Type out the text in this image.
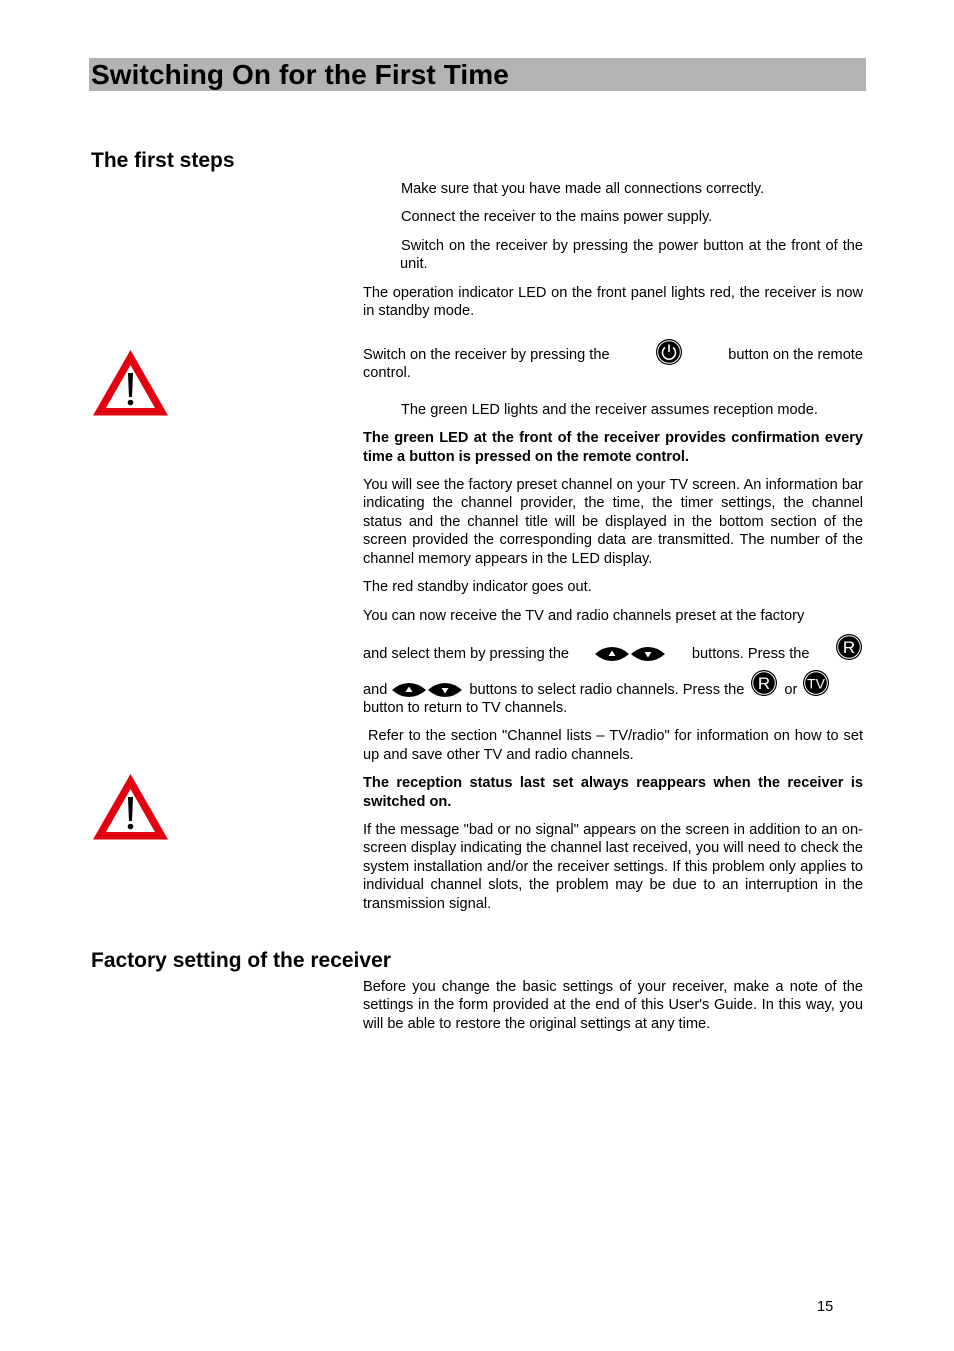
Switching On for the First Time
The first steps

Make sure that you have made all connections correctly.

Connect the receiver to the mains power supply.

Switch on the receiver by pressing the power button at the front of the unit.

The operation indicator LED on the front panel lights red, the receiver is now in standby mode.

Switch on the receiver by pressing the	button on the remote

control.

The green LED lights and the receiver assumes reception mode.

The green LED at the front of the receiver provides confirmation every time a button is pressed on the remote control.

You will see the factory preset channel on your TV screen. An information bar indicating the channel provider, the time, the timer settings, the channel status and the channel title will be displayed in the bottom section of the screen provided the corresponding data are transmitted. The number of the channel memory appears in the LED display.

The red standby indicator goes out.

You can now receive the TV and radio channels preset at the factory

and select them by pressing the	buttons. Press the R
and	buttons to select radio channels. Press the R or TV

button to return to TV channels.

Refer to the section "Channel lists – TV/radio" for information on how to set up and save other TV and radio channels.

The reception status last set always reappears when the receiver is switched on.

If the message "bad or no signal" appears on the screen in addition to an on-screen display indicating the channel last received, you will need to check the system installation and/or the receiver settings. If this problem only applies to individual channel slots, the problem may be due to an interruption in the transmission signal.

Factory setting of the receiver

Before you change the basic settings of your receiver, make a note of the settings in the form provided at the end of this User's Guide. In this way, you will be able to restore the original settings at any time.

15
